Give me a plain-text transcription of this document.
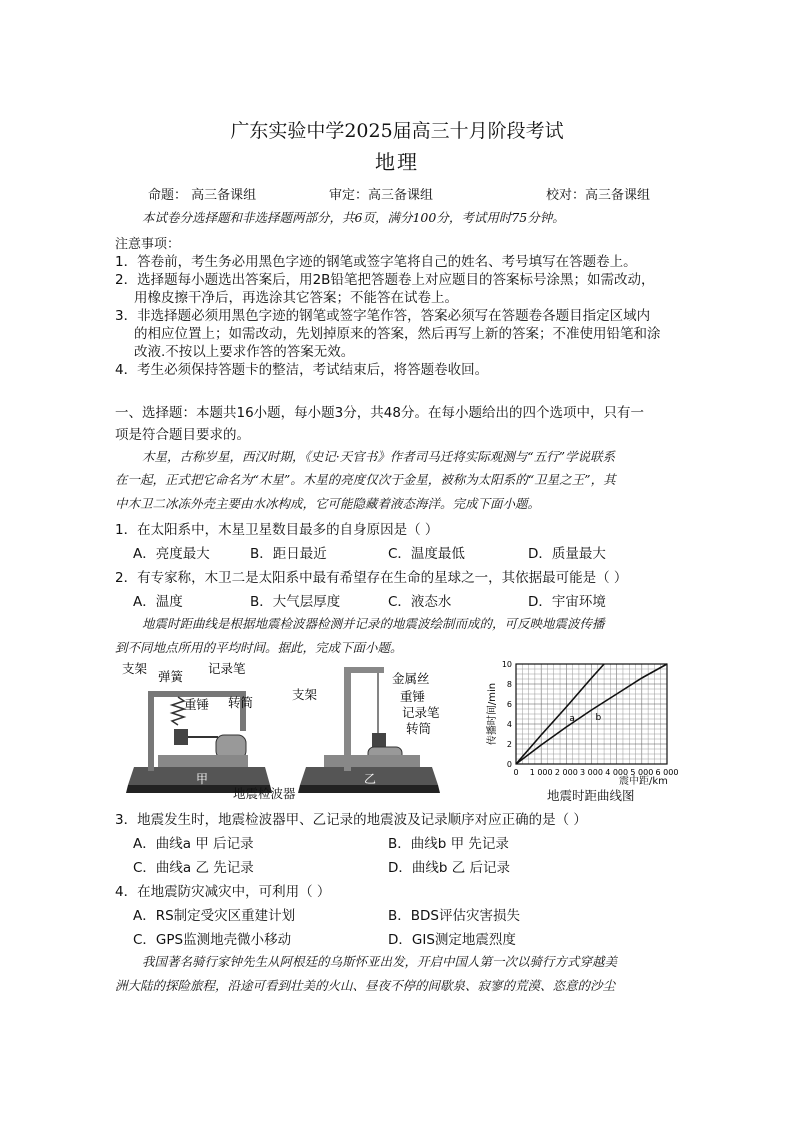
广东实验中学2025届高三十月阶段考试
地理
命题： 高三备课组	审定：高三备课组	校对：高三备课组
本试卷分选择题和非选择题两部分，共6页，满分100分，考试用时75分钟。
注意事项：
1．答卷前，考生务必用黑色字迹的钢笔或签字笔将自己的姓名、考号填写在答题卷上。
2．选择题每小题选出答案后，用2B铅笔把答题卷上对应题目的答案标号涂黑；如需改动，
用橡皮擦干净后，再选涂其它答案；不能答在试卷上。
3．非选择题必须用黑色字迹的钢笔或签字笔作答，答案必须写在答题卷各题目指定区域内
的相应位置上；如需改动，先划掉原来的答案，然后再写上新的答案；不准使用铅笔和涂
改液.不按以上要求作答的答案无效。
4．考生必须保持答题卡的整洁，考试结束后，将答题卷收回。
一、选择题：本题共16小题，每小题3分，共48分。在每小题给出的四个选项中，只有一
项是符合题目要求的。
木星，古称岁星，西汉时期，《史记·天官书》作者司马迁将实际观测与“五行”学说联系
在一起，正式把它命名为“木星”。木星的亮度仅次于金星，被称为太阳系的“卫星之王”，其
中木卫二冰冻外壳主要由水冰构成，它可能隐藏着液态海洋。完成下面小题。
1．在太阳系中，木星卫星数目最多的自身原因是（ ）
A．亮度最大	B．距日最近	C．温度最低	D．质量最大
2．有专家称，木卫二是太阳系中最有希望存在生命的星球之一，其依据最可能是（ ）
A．温度	B．大气层厚度	C．液态水	D．宇宙环境
地震时距曲线是根据地震检波器检测并记录的地震波绘制而成的，可反映地震波传播
到不同地点所用的平均时间。据此，完成下面小题。
支架
弹簧
记录笔
重锤 转筒
甲
支架
金属丝
重锤
记录笔
转筒
乙
地震检波器
a b
0 1 000 2 000 3 000 4 000 5 000 6 000
0
2
4
6
8
10
传播时间/min
震中距/km
地震时距曲线图
3．地震发生时，地震检波器甲、乙记录的地震波及记录顺序对应正确的是（ ）
A．曲线a 甲 后记录	B．曲线b 甲 先记录
C．曲线a 乙 先记录	D．曲线b 乙 后记录
4．在地震防灾减灾中，可利用（ ）
A．RS制定受灾区重建计划	B．BDS评估灾害损失
C．GPS监测地壳微小移动	D．GIS测定地震烈度
我国著名骑行家钟先生从阿根廷的乌斯怀亚出发，开启中国人第一次以骑行方式穿越美
洲大陆的探险旅程，沿途可看到壮美的火山、昼夜不停的间歇泉、寂寥的荒漠、恣意的沙尘
